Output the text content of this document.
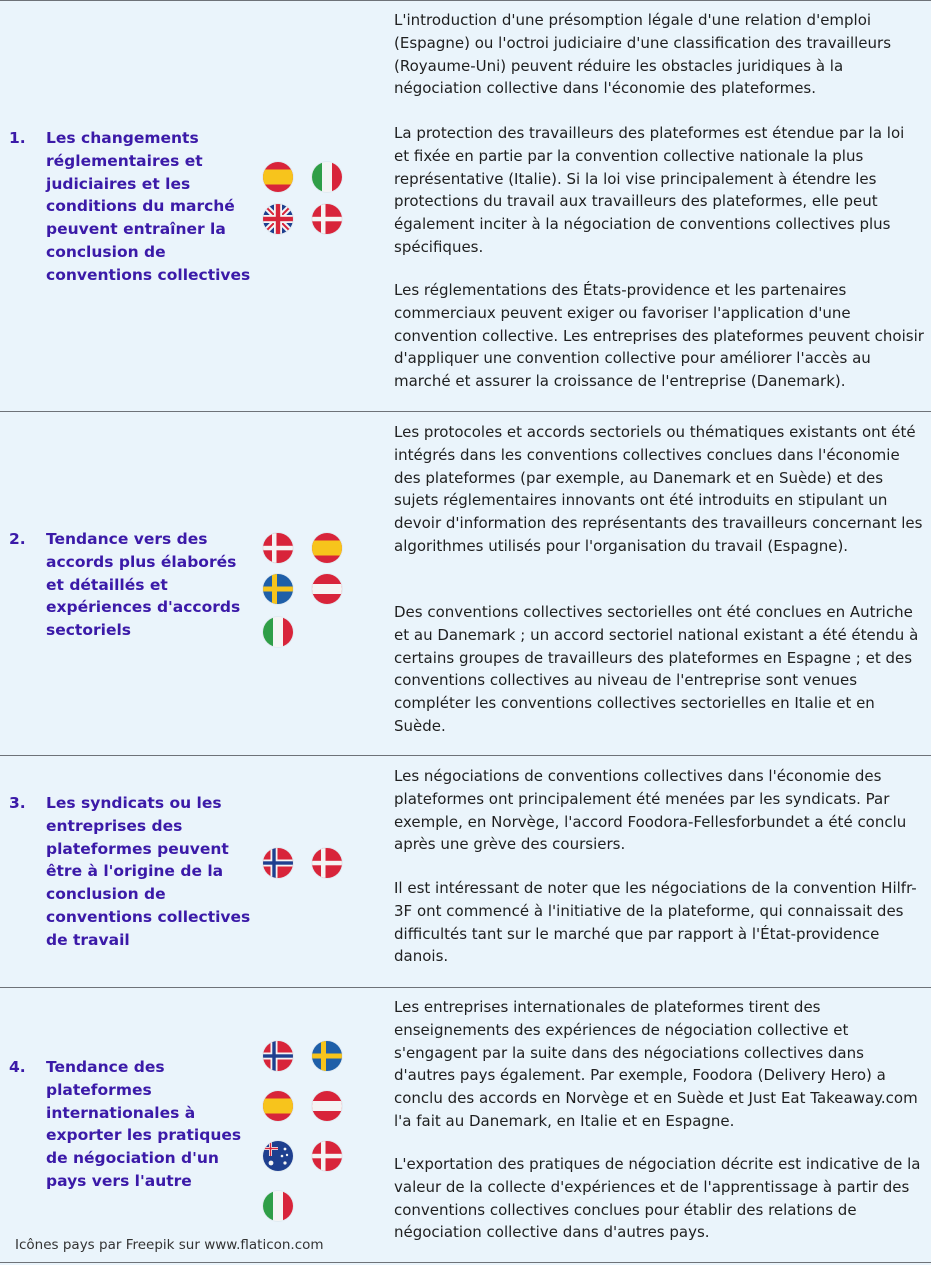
1. Les changements réglementaires et judiciaires et les conditions du marché peuvent entraîner la conclusion de conventions collectives

L'introduction d'une présomption légale d'une relation d'emploi (Espagne) ou l'octroi judiciaire d'une classification des travailleurs (Royaume-Uni) peuvent réduire les obstacles juridiques à la négociation collective dans l'économie des plateformes.

La protection des travailleurs des plateformes est étendue par la loi et fixée en partie par la convention collective nationale la plus représentative (Italie). Si la loi vise principalement à étendre les protections du travail aux travailleurs des plateformes, elle peut également inciter à la négociation de conventions collectives plus spécifiques.

Les réglementations des États-providence et les partenaires commerciaux peuvent exiger ou favoriser l'application d'une convention collective. Les entreprises des plateformes peuvent choisir d'appliquer une convention collective pour améliorer l'accès au marché et assurer la croissance de l'entreprise (Danemark).

2. Tendance vers des accords plus élaborés et détaillés et expériences d'accords sectoriels

Les protocoles et accords sectoriels ou thématiques existants ont été intégrés dans les conventions collectives conclues dans l'économie des plateformes (par exemple, au Danemark et en Suède) et des sujets réglementaires innovants ont été introduits en stipulant un devoir d'information des représentants des travailleurs concernant les algorithmes utilisés pour l'organisation du travail (Espagne).

Des conventions collectives sectorielles ont été conclues en Autriche et au Danemark ; un accord sectoriel national existant a été étendu à certains groupes de travailleurs des plateformes en Espagne ; et des conventions collectives au niveau de l'entreprise sont venues compléter les conventions collectives sectorielles en Italie et en Suède.

3. Les syndicats ou les entreprises des plateformes peuvent être à l'origine de la conclusion de conventions collectives de travail

Les négociations de conventions collectives dans l'économie des plateformes ont principalement été menées par les syndicats. Par exemple, en Norvège, l'accord Foodora-Fellesforbundet a été conclu après une grève des coursiers.

Il est intéressant de noter que les négociations de la convention Hilfr-3F ont commencé à l'initiative de la plateforme, qui connaissait des difficultés tant sur le marché que par rapport à l'État-providence danois.

4. Tendance des plateformes internationales à exporter les pratiques de négociation d'un pays vers l'autre

Les entreprises internationales de plateformes tirent des enseignements des expériences de négociation collective et s'engagent par la suite dans des négociations collectives dans d'autres pays également. Par exemple, Foodora (Delivery Hero) a conclu des accords en Norvège et en Suède et Just Eat Takeaway.com l'a fait au Danemark, en Italie et en Espagne.

L'exportation des pratiques de négociation décrite est indicative de la valeur de la collecte d'expériences et de l'apprentissage à partir des conventions collectives conclues pour établir des relations de négociation collective dans d'autres pays.

Icônes pays par Freepik sur www.flaticon.com
